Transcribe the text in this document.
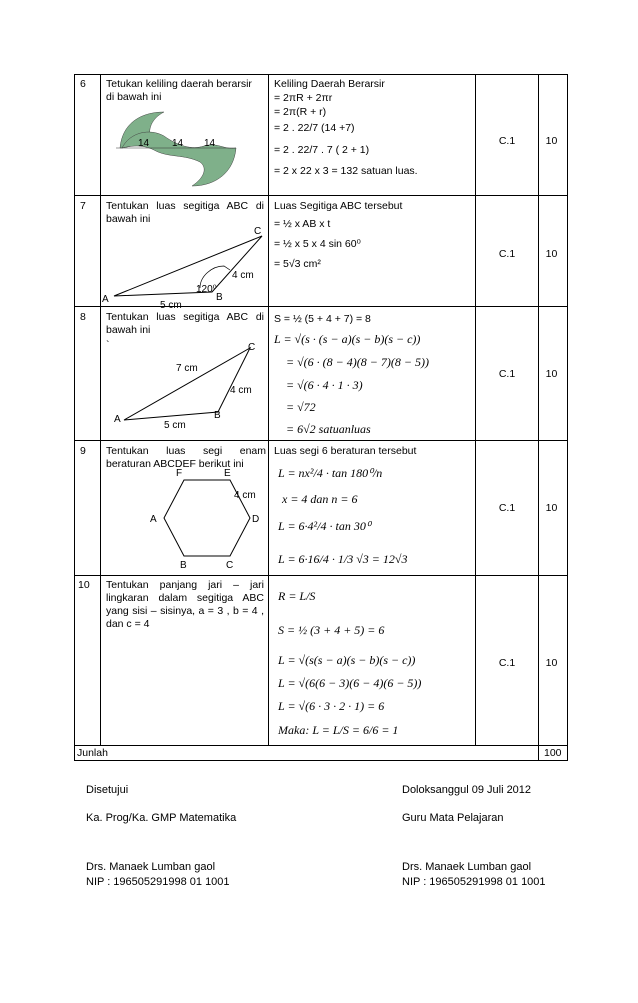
6 Tetukan keliling daerah berarsir di bawah ini
14 14 14
Keliling Daerah Berarsir
= 2πR + 2πr
= 2π(R + r)
= 2 . 22/7 (14 +7)
= 2 . 22/7 . 7 ( 2 + 1)
= 2 x 22 x 3 = 132 satuan luas.
C.1	10
7 Tentukan luas segitiga ABC di bawah ini
A	B
C
5 cm
4 cm
120⁰
Luas Segitiga ABC tersebut
= ½ x AB x t
= ½ x 5 x 4 sin 60⁰
= 5√3 cm²
C.1	10
8 Tentukan luas segitiga ABC di bawah ini
`
A	B
C
5 cm
4 cm
7 cm
S = ½ (5 + 4 + 7) = 8
L = √(s · (s − a)(s − b)(s − c))
= √(6 · (8 − 4)(8 − 7)(8 − 5))
= √(6 · 4 · 1 · 3)
= √72
= 6√2 satuanluas
C.1	10
9 Tentukan luas segi enam beraturan ABCDEF berikut ini
F	E
A	D
B	C
4 cm
Luas segi 6 beraturan tersebut
L = nx²/4 · tan 180⁰/n
x = 4 dan n = 6
L = 6·4²/4 · tan 30⁰
L = 6·16/4 · 1/3 √3 = 12√3
C.1	10
10 Tentukan panjang jari – jari lingkaran dalam segitiga ABC yang sisi – sisinya, a = 3 , b = 4 , dan c = 4
R = L/S
S = ½ (3 + 4 + 5) = 6
L = √(s(s − a)(s − b)(s − c))
L = √(6(6 − 3)(6 − 4)(6 − 5))
L = √(6 · 3 · 2 · 1) = 6
Maka: L = L/S = 6/6 = 1
C.1	10
Junlah	100
Disetujui
Ka. Prog/Ka. GMP Matematika
Drs. Manaek Lumban gaol
NIP : 196505291998 01 1001
Doloksanggul 09 Juli 2012
Guru Mata Pelajaran
Drs. Manaek Lumban gaol
NIP : 196505291998 01 1001
